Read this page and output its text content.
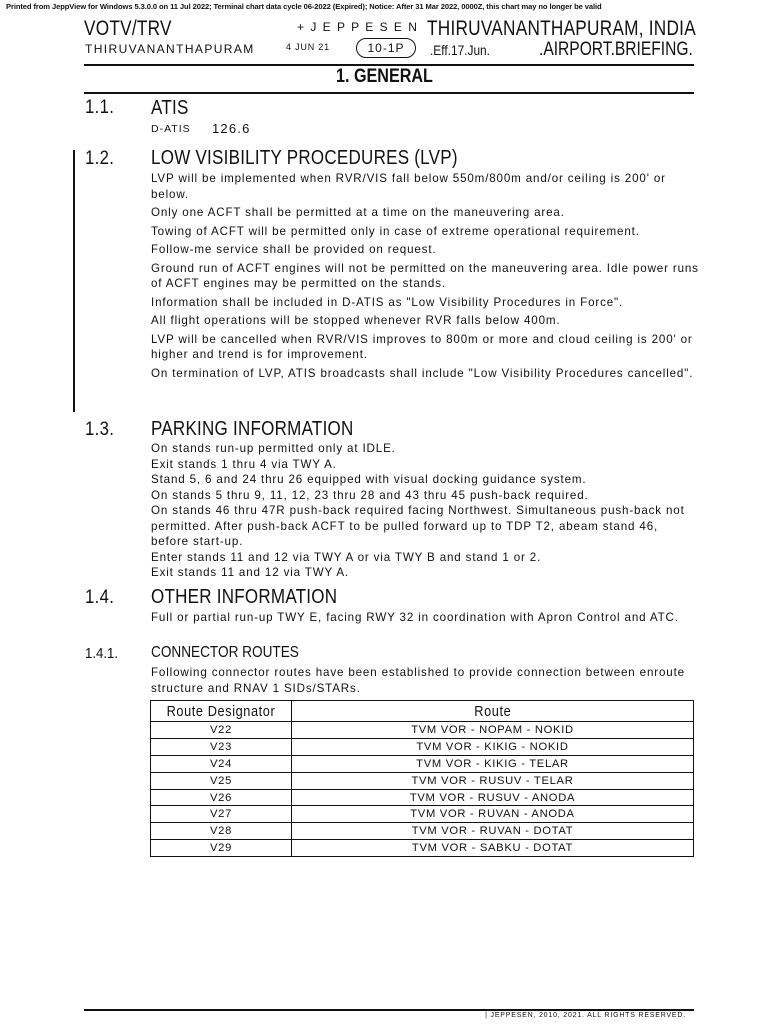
Printed from JeppView for Windows 5.3.0.0 on 11 Jul 2022; Terminal chart data cycle 06-2022 (Expired); Notice: After 31 Mar 2022, 0000Z, this chart may no longer be valid
VOTV/TRV
THIRUVANANTHAPURAM
+ J E P P E S E N
4 JUN 21	10-1P
THIRUVANANTHAPURAM, INDIA
.Eff.17.Jun.	.AIRPORT.BRIEFING.
1. GENERAL
1.1. ATIS
D-ATIS 126.6
1.2. LOW VISIBILITY PROCEDURES (LVP)

LVP will be implemented when RVR/VIS fall below 550m/800m and/or ceiling is 200' or below.

Only one ACFT shall be permitted at a time on the maneuvering area.

Towing of ACFT will be permitted only in case of extreme operational requirement.

Follow-me service shall be provided on request.

Ground run of ACFT engines will not be permitted on the maneuvering area. Idle power runs of ACFT engines may be permitted on the stands.

Information shall be included in D-ATIS as "Low Visibility Procedures in Force".

All flight operations will be stopped whenever RVR falls below 400m.

LVP will be cancelled when RVR/VIS improves to 800m or more and cloud ceiling is 200' or higher and trend is for improvement.

On termination of LVP, ATIS broadcasts shall include "Low Visibility Procedures cancelled".

1.3. PARKING INFORMATION

On stands run-up permitted only at IDLE.

Exit stands 1 thru 4 via TWY A.

Stand 5, 6 and 24 thru 26 equipped with visual docking guidance system.

On stands 5 thru 9, 11, 12, 23 thru 28 and 43 thru 45 push-back required.

On stands 46 thru 47R push-back required facing Northwest. Simultaneous push-back not permitted. After push-back ACFT to be pulled forward up to TDP T2, abeam stand 46, before start-up.

Enter stands 11 and 12 via TWY A or via TWY B and stand 1 or 2.

Exit stands 11 and 12 via TWY A.

1.4. OTHER INFORMATION
Full or partial run-up TWY E, facing RWY 32 in coordination with Apron Control and ATC.
1.4.1. CONNECTOR ROUTES
Following connector routes have been established to provide connection between enroute structure and RNAV 1 SIDs/STARs.
Route Designator	Route
V22	TVM VOR - NOPAM - NOKID
V23	TVM VOR - KIKIG - NOKID
V24	TVM VOR - KIKIG - TELAR
V25	TVM VOR - RUSUV - TELAR
V26	TVM VOR - RUSUV - ANODA
V27	TVM VOR - RUVAN - ANODA
V28	TVM VOR - RUVAN - DOTAT
V29	TVM VOR - SABKU - DOTAT
| JEPPESEN, 2010, 2021. ALL RIGHTS RESERVED.
